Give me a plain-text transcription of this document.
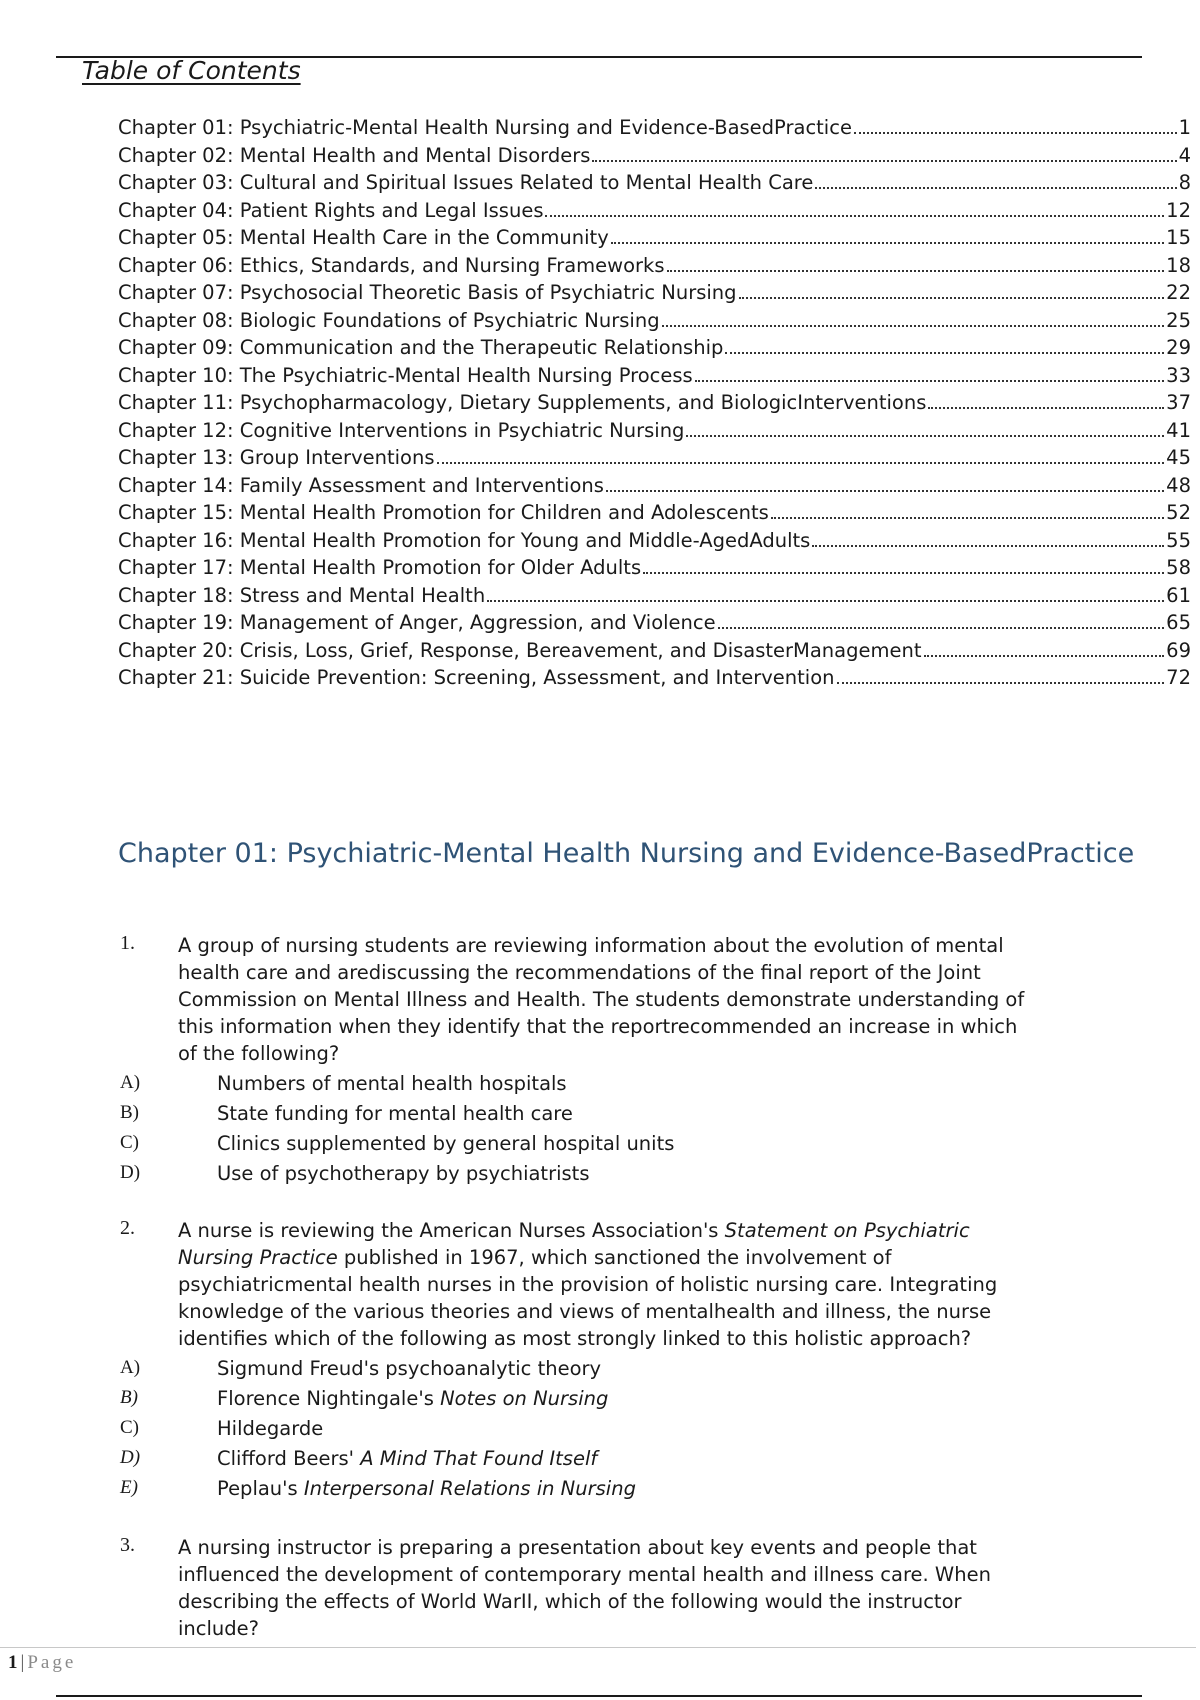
Table of Contents
Chapter 01: Psychiatric-Mental Health Nursing and Evidence-BasedPractice	1
Chapter 02: Mental Health and Mental Disorders	4
Chapter 03: Cultural and Spiritual Issues Related to Mental Health Care	8
Chapter 04: Patient Rights and Legal Issues	12
Chapter 05: Mental Health Care in the Community	15
Chapter 06: Ethics, Standards, and Nursing Frameworks	18
Chapter 07: Psychosocial Theoretic Basis of Psychiatric Nursing	22
Chapter 08: Biologic Foundations of Psychiatric Nursing	25
Chapter 09: Communication and the Therapeutic Relationship	29
Chapter 10: The Psychiatric-Mental Health Nursing Process	33
Chapter 11: Psychopharmacology, Dietary Supplements, and BiologicInterventions	37
Chapter 12: Cognitive Interventions in Psychiatric Nursing	41
Chapter 13: Group Interventions	45
Chapter 14: Family Assessment and Interventions	48
Chapter 15: Mental Health Promotion for Children and Adolescents	52
Chapter 16: Mental Health Promotion for Young and Middle-AgedAdults	55
Chapter 17: Mental Health Promotion for Older Adults	58
Chapter 18: Stress and Mental Health	61
Chapter 19: Management of Anger, Aggression, and Violence	65
Chapter 20: Crisis, Loss, Grief, Response, Bereavement, and DisasterManagement	69
Chapter 21: Suicide Prevention: Screening, Assessment, and Intervention	72
Chapter 01: Psychiatric-Mental Health Nursing and Evidence-BasedPractice
1. A group of nursing students are reviewing information about the evolution of mental
health care and arediscussing the recommendations of the final report of the Joint
Commission on Mental Illness and Health. The students demonstrate understanding of
this information when they identify that the reportrecommended an increase in which
of the following?
A)	Numbers of mental health hospitals
B)	State funding for mental health care
C)	Clinics supplemented by general hospital units
D)	Use of psychotherapy by psychiatrists
2. A nurse is reviewing the American Nurses Association's Statement on Psychiatric
Nursing Practice published in 1967, which sanctioned the involvement of
psychiatricmental health nurses in the provision of holistic nursing care. Integrating
knowledge of the various theories and views of mentalhealth and illness, the nurse
identifies which of the following as most strongly linked to this holistic approach?
A)	Sigmund Freud's psychoanalytic theory
B)	Florence Nightingale's Notes on Nursing
C)	Hildegarde
D)	Clifford Beers' A Mind That Found Itself
E)	Peplau's Interpersonal Relations in Nursing
3. A nursing instructor is preparing a presentation about key events and people that
influenced the development of contemporary mental health and illness care. When
describing the effects of World WarII, which of the following would the instructor
include?
1 | Page
